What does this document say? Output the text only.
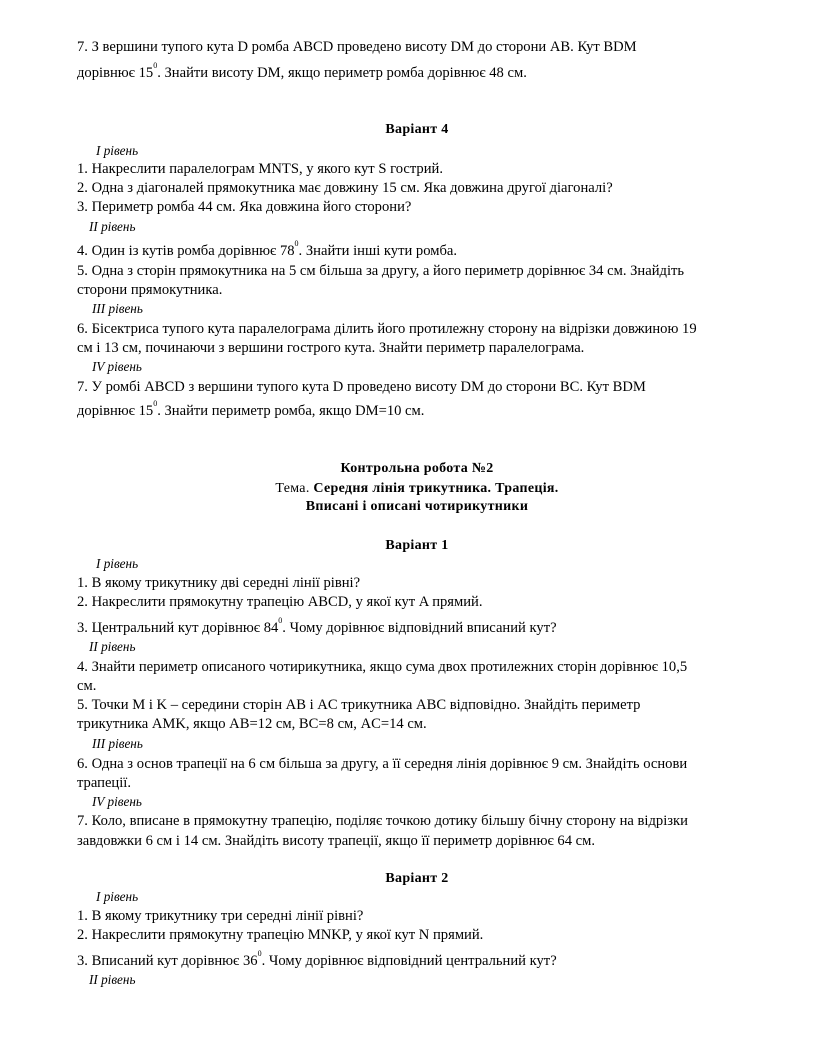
7. З вершини тупого кута D ромба ABCD проведено висоту DM до сторони AB. Кут BDM
дорівнює $15^0$. Знайти висоту DM, якщо периметр ромба дорівнює 48 см.
Варіант 4
І рівень
1. Накреслити паралелограм MNTS, у якого кут S гострий.
2. Одна з діагоналей прямокутника має довжину 15 см. Яка довжина другої діагоналі?
3. Периметр ромба 44 см. Яка довжина його сторони?
ІІ рівень
4. Один із кутів ромба дорівнює $78^0$. Знайти інші кути ромба.
5. Одна з сторін прямокутника на 5 см більша за другу, а його периметр дорівнює 34 см. Знайдіть
сторони прямокутника.
ІІІ рівень
6. Бісектриса тупого кута паралелограма ділить його протилежну сторону на відрізки довжиною 19
см і 13 см, починаючи з вершини гострого кута. Знайти периметр паралелограма.
ІV рівень
7. У ромбі ABCD з вершини тупого кута D проведено висоту DM до сторони BC. Кут BDM
дорівнює $15^0$. Знайти периметр ромба, якщо DM=10 см.
Контрольна робота №2
Тема. Середня лінія трикутника. Трапеція.
Вписані і описані чотирикутники
Варіант 1
І рівень
1. В якому трикутнику дві середні лінії рівні?
2. Накреслити прямокутну трапецію ABCD, у якої кут A прямий.
3. Центральний кут дорівнює $84^0$. Чому дорівнює відповідний вписаний кут?
ІІ рівень
4. Знайти периметр описаного чотирикутника, якщо сума двох протилежних сторін дорівнює 10,5
см.
5. Точки M і K – середини сторін AB і AC трикутника ABC відповідно. Знайдіть периметр
трикутника AMK, якщо AB=12 см, BC=8 см, AC=14 см.
ІІІ рівень
6. Одна з основ трапеції на 6 см більша за другу, а її середня лінія дорівнює 9 см. Знайдіть основи
трапеції.
ІV рівень
7. Коло, вписане в прямокутну трапецію, поділяє точкою дотику більшу бічну сторону на відрізки
завдовжки 6 см і 14 см. Знайдіть висоту трапеції, якщо її периметр дорівнює 64 см.
Варіант 2
І рівень
1. В якому трикутнику три середні лінії рівні?
2. Накреслити прямокутну трапецію MNKP, у якої кут N прямий.
3. Вписаний кут дорівнює $36^0$. Чому дорівнює відповідний центральний кут?
ІІ рівень
